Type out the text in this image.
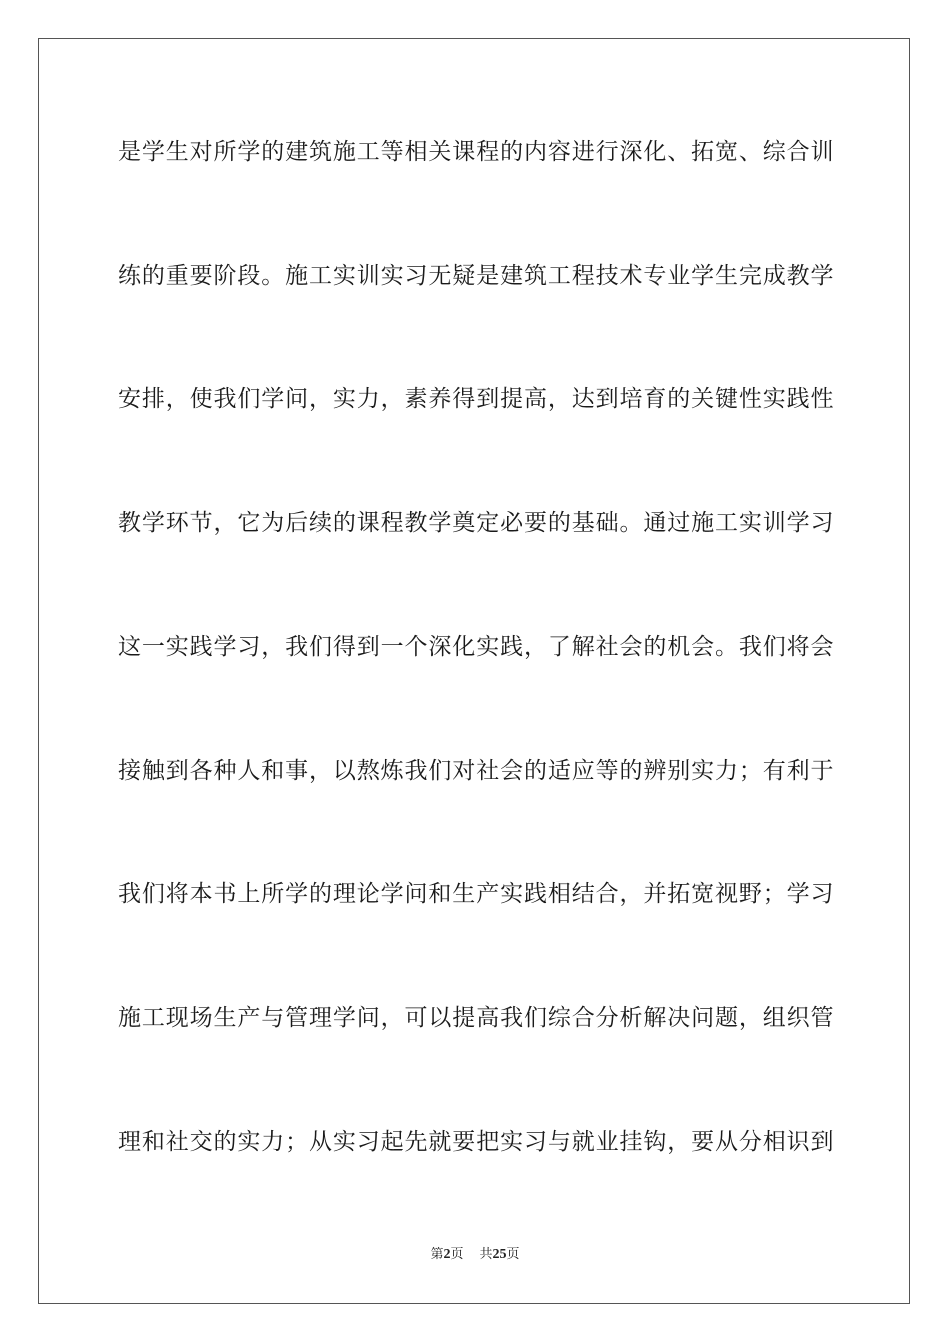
是学生对所学的建筑施工等相关课程的内容进行深化、拓宽、综合训
练的重要阶段。施工实训实习无疑是建筑工程技术专业学生完成教学
安排，使我们学问，实力，素养得到提高，达到培育的关键性实践性
教学环节，它为后续的课程教学奠定必要的基础。通过施工实训学习
这一实践学习，我们得到一个深化实践，了解社会的机会。我们将会
接触到各种人和事，以熬炼我们对社会的适应等的辨别实力；有利于
我们将本书上所学的理论学问和生产实践相结合，并拓宽视野；学习
施工现场生产与管理学问，可以提高我们综合分析解决问题，组织管
理和社交的实力；从实习起先就要把实习与就业挂钩，要从分相识到
第2页 共25页
